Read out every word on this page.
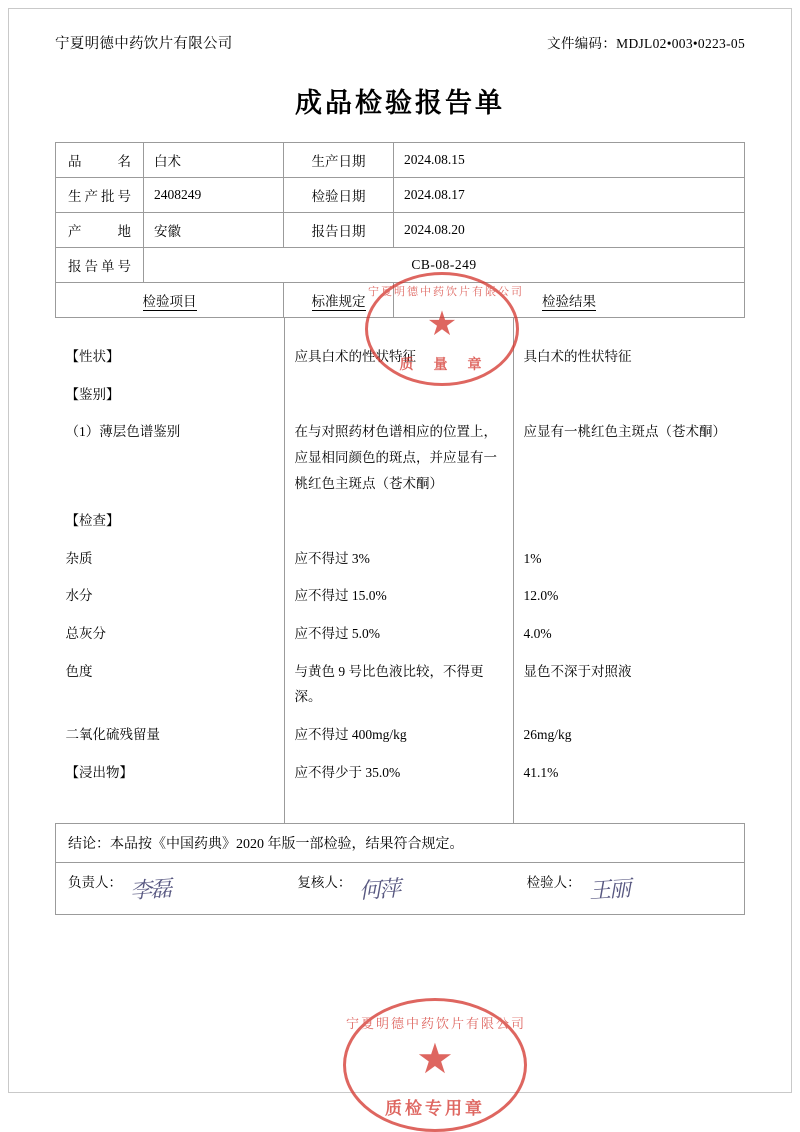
宁夏明德中药饮片有限公司	文件编码：MDJL02•003•0223-05
成品检验报告单
宁夏明德中药饮片有限公司
★
质　量　章
宁夏明德中药饮片有限公司
★
质检专用章
品　　名	白术	生产日期	2024.08.15
生产批号	2408249	检验日期	2024.08.17
产　　地	安徽	报告日期	2024.08.20
报告单号	CB-08-249
检验项目	标准规定	检验结果

【性状】	应具白术的性状特征	具白术的性状特征
【鉴别】		
（1）薄层色谱鉴别	在与对照药材色谱相应的位置上，应显相同颜色的斑点，并应显有一桃红色主斑点（苍术酮）	应显有一桃红色主斑点（苍术酮）
【检查】		
杂质	应不得过 3%	1%
水分	应不得过 15.0%	12.0%
总灰分	应不得过 5.0%	4.0%
色度	与黄色 9 号比色液比较，不得更深。	显色不深于对照液
二氧化硫残留量	应不得过 400mg/kg	26mg/kg
【浸出物】	应不得少于 35.0%	41.1%

结论：本品按《中国药典》2020 年版一部检验，结果符合规定。
负责人： 李磊	复核人： 何萍	检验人： 王丽
